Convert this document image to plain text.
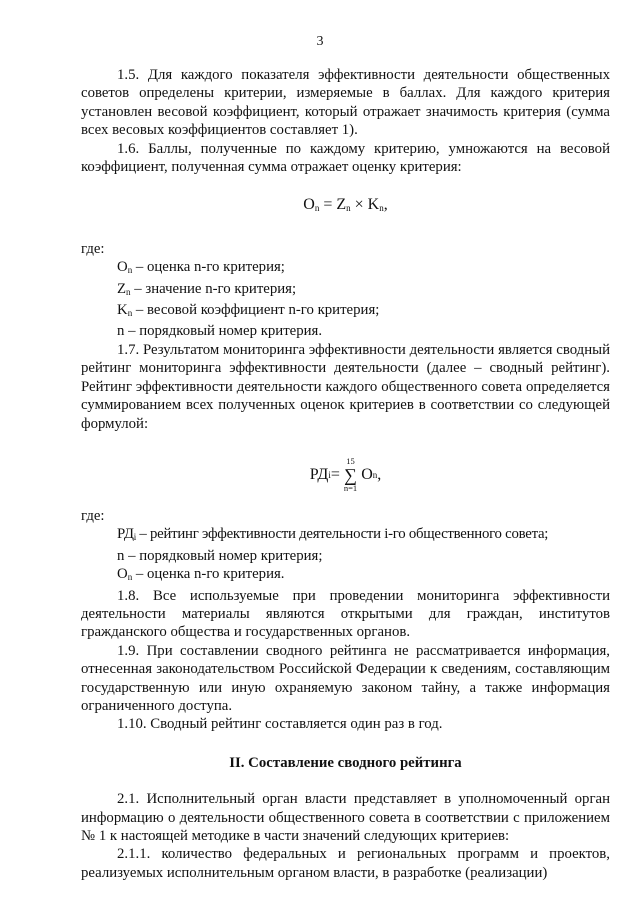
3

1.5. Для каждого показателя эффективности деятельности общественных советов определены критерии, измеряемые в баллах. Для каждого критерия установлен весовой коэффициент, который отражает значимость критерия (сумма всех весовых коэффициентов составляет 1).

1.6. Баллы, полученные по каждому критерию, умножаются на весовой коэффициент, полученная сумма отражает оценку критерия:

$O_n = Z_n \times K_n$,

где:

$O_n$ – оценка n-го критерия;

$Z_n$ – значение n-го критерия;

$K_n$ – весовой коэффициент n-го критерия;

n – порядковый номер критерия.

1.7. Результатом мониторинга эффективности деятельности является сводный рейтинг мониторинга эффективности деятельности (далее – сводный рейтинг). Рейтинг эффективности деятельности каждого общественного совета определяется суммированием всех полученных оценок критериев в соответствии со следующей формулой:

РД i =
15
∑
n=1
O n ,

где:

$РД_i$ – рейтинг эффективности деятельности i-го общественного совета;

n – порядковый номер критерия;

$O_n$ – оценка n-го критерия.

1.8. Все используемые при проведении мониторинга эффективности деятельности материалы являются открытыми для граждан, институтов гражданского общества и государственных органов.

1.9. При составлении сводного рейтинга не рассматривается информация, отнесенная законодательством Российской Федерации к сведениям, составляющим государственную или иную охраняемую законом тайну, а также информация ограниченного доступа.

1.10. Сводный рейтинг составляется один раз в год.

II. Составление сводного рейтинга

2.1. Исполнительный орган власти представляет в уполномоченный орган информацию о деятельности общественного совета в соответствии с приложением № 1 к настоящей методике в части значений следующих критериев:

2.1.1. количество федеральных и региональных программ и проектов, реализуемых исполнительным органом власти, в разработке (реализации)
